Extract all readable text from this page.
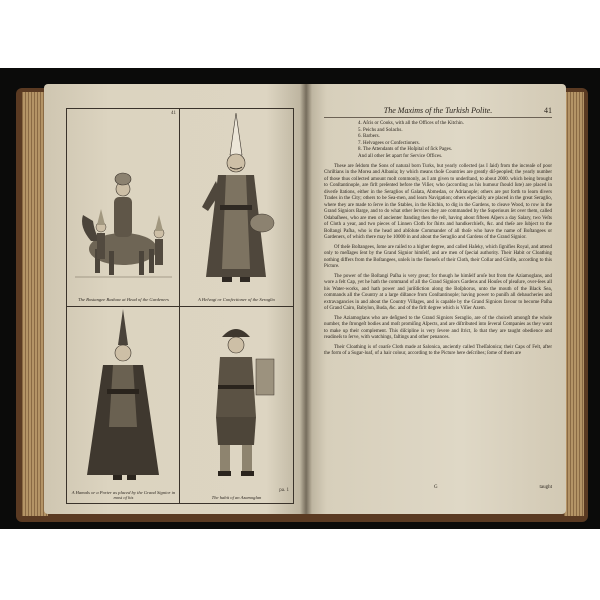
41
The Bostangee Bashaw at Head of the Gardeners	A Helvagi or Confectioner of the Seraglio
A Hamals or a Porter as placed by the Grand Signior in most of his
pa. 1
The habit of an Azamoglan
The Maxims of the Turkish Polite.	41
4. Aſcis or Cooks, with all the Offices of the Kitchin.
5. Peichs and Solachs.
6. Barbers.
7. Helvagees or Confectioners.
8. The Attendants of the Hoſpital of ſick Pages.
And all other ſet apart for Service Offices.

These are ſeldom the Sons of natural born Turks, but yearly collected (as I ſaid) from the increaſe of poor Chriſtians in the Morea and Albania; by which means thoſe Countries are greatly diſ-peopled; the yearly number of those thus collected amount moſt commonly, as I am given to underſtand, to about 2000. which being brought to Conſtantinople, are firſt preſented before the Viſier, who (according as his humour ſhould ſute) are placed in diverſe ſtations, either in the Seraglios of Galata, Abmedan, or Adrianople; others are put forth to learn divers Trades in the City; others to be Sea-men, and learn Navigation; others eſpecially are placed in the great Seraglio, where they are made to ſerve in the Stables, in the Kitchin, to dig in the Gardens, to cleave Wood, to row in the Grand Signiors Barge, and to do what other ſervices they are commanded by the Superiours ſet over them, called Odabaſhees, who are men of ancienter ſtanding then the reſt, having about fifteen Aſpers a day Salary, two Veſts of Cloth a year, and two pieces of Linnen Cloth for ſhirts and handkerchiefs, &c. and theſe are ſubject to the Boſtangi Paſha, who is the head and abſolute Commander of all thoſe who have the name of Boſtangees or Gardeners, of which there may be 10000 in and about the Seraglio and Gardens of the Grand Signior.

Of theſe Boſtangees, ſome are raiſed to a higher degree, and called Haſeky, which ſignifies Royal, and attend only to meſſages ſent by the Grand Signior himſelf, and are men of ſpecial authority. Their Habit or Cloathing nothing differs from the Boſtangees, unleſs in the fineneſs of their Cloth, their Collar and Girdle, according to this Picture.

The power of the Boſtangi Paſha is very great; for though he himſelf aroſe but from the Aziamoglans, and wore a felt Cap, yet he hath the command of all the Grand Signiors Gardens and Houſes of pleaſure, over-ſees all his Water-works, and hath power and juriſdiction along the Boſphorus, unto the mouth of the Black Sea, commands all the Country at a large diſtance from Conſtantinople; having power to puniſh all debaucheries and extravagancies in and about the Country Villages, and is capable by the Grand Signiors favour to become Paſha of Grand Cairo, Babylon, Buda, &c. and of the firſt degree which is Viſier Azem.

The Aziamoglans who are deſigned to the Grand Signiors Seraglio, are of the choiceſt amongſt the whole number, the ſtrongeſt bodies and moſt promiſing Aſpects, and are diſtributed into ſeveral Companies as they want to make up their complement. This diſcipline is very ſevere and ſtrict, ſo that they are taught obedience and readineſs to ſerve, with watchings, faſtings and other penances.

Their Cloathing is of coarſe Cloth made at Salonica, anciently called Theſſalonica; their Caps of Felt, after the form of a Sugar-loaf, of a hair colour, according to the Picture here deſcribes; ſome of them are

G	taught
